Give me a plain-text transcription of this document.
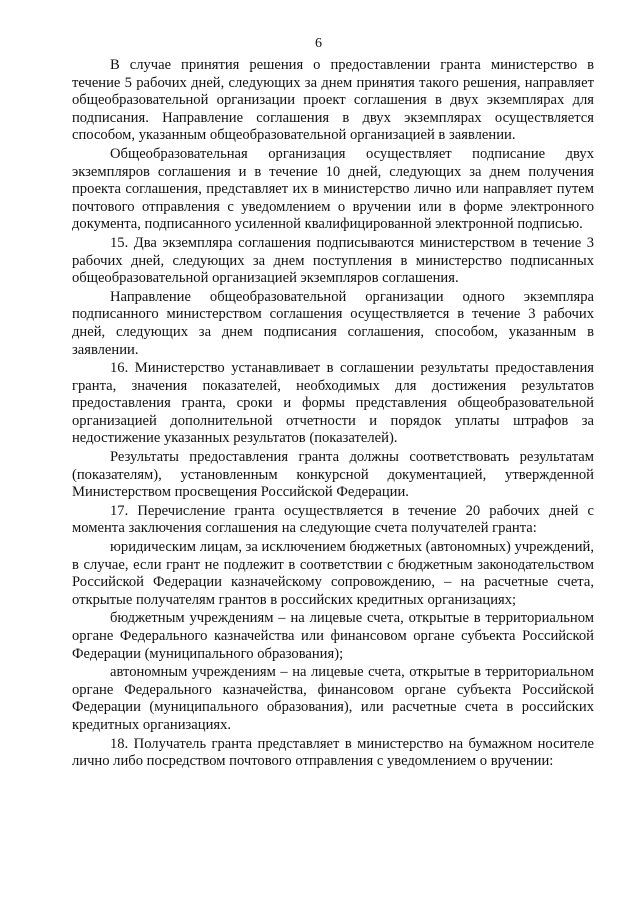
6

В случае принятия решения о предоставлении гранта министерство в течение 5 рабочих дней, следующих за днем принятия такого решения, направляет общеобразовательной организации проект соглашения в двух экземплярах для подписания. Направление соглашения в двух экземплярах осуществляется способом, указанным общеобразовательной организацией в заявлении.

Общеобразовательная организация осуществляет подписание двух экземпляров соглашения и в течение 10 дней, следующих за днем получения проекта соглашения, представляет их в министерство лично или направляет путем почтового отправления с уведомлением о вручении или в форме электронного документа, подписанного усиленной квалифицированной электронной подписью.

15. Два экземпляра соглашения подписываются министерством в течение 3 рабочих дней, следующих за днем поступления в министерство подписанных общеобразовательной организацией экземпляров соглашения.

Направление общеобразовательной организации одного экземпляра подписанного министерством соглашения осуществляется в течение 3 рабочих дней, следующих за днем подписания соглашения, способом, указанным в заявлении.

16. Министерство устанавливает в соглашении результаты предоставления гранта, значения показателей, необходимых для достижения результатов предоставления гранта, сроки и формы представления общеобразовательной организацией дополнительной отчетности и порядок уплаты штрафов за недостижение указанных результатов (показателей).

Результаты предоставления гранта должны соответствовать результатам (показателям), установленным конкурсной документацией, утвержденной Министерством просвещения Российской Федерации.

17. Перечисление гранта осуществляется в течение 20 рабочих дней с момента заключения соглашения на следующие счета получателей гранта:

юридическим лицам, за исключением бюджетных (автономных) учреждений, в случае, если грант не подлежит в соответствии с бюджетным законодательством Российской Федерации казначейскому сопровождению, – на расчетные счета, открытые получателям грантов в российских кредитных организациях;

бюджетным учреждениям – на лицевые счета, открытые в территориальном органе Федерального казначейства или финансовом органе субъекта Российской Федерации (муниципального образования);

автономным учреждениям – на лицевые счета, открытые в территориальном органе Федерального казначейства, финансовом органе субъекта Российской Федерации (муниципального образования), или расчетные счета в российских кредитных организациях.

18. Получатель гранта представляет в министерство на бумажном носителе лично либо посредством почтового отправления с уведомлением о вручении:
